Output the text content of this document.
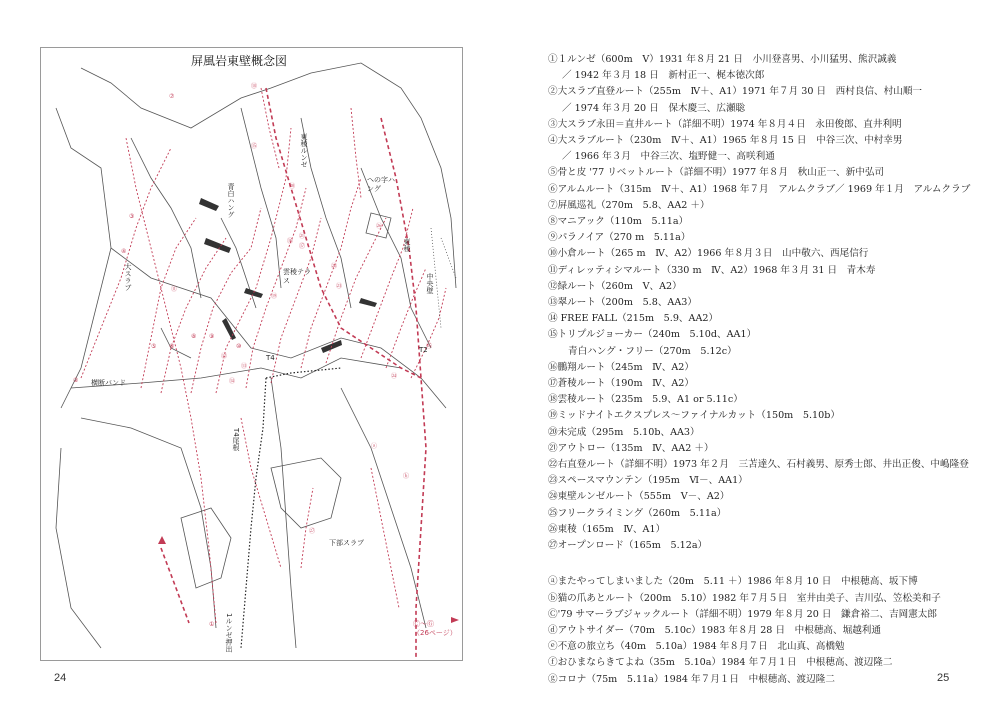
屏風岩東壁概念図
①
②
③
④
⑤ ⑥
⑦
⑧ ⑨
⑩
⑪
⑫
⑬
⑭
⑮
⑯
⑰
⑱
⑲
⑳
㉑
㉒
㉓
㉔
㉕
㉖
㉗
ⓐ
ⓑ
大スラブ
青白ハング
雲稜テラス
への字ハング
東稜
中央壁
横断バンド
T4
T2
T4尾根
下部スラブ
1ルンゼ押出
東稜ルンゼ
Ⓒ～Ⓖ
（26ページ）
24
①１ルンゼ（600m　Ⅴ）1931 年８月 21 日　小川登喜男、小川猛男、熊沢誠義
／ 1942 年３月 18 日　新村正一、梶本徳次郎
②大スラブ直登ルート（255m　Ⅳ＋、A1）1971 年７月 30 日　西村良信、村山順一
／ 1974 年３月 20 日　保木慶三、広瀬聡
③大スラブ永田＝直井ルート（詳細不明）1974 年８月４日　永田俊郎、直井利明
④大スラブルート（230m　Ⅳ＋、A1）1965 年８月 15 日　中谷三次、中村幸男
／ 1966 年３月　中谷三次、塩野健一、高咲利通
⑤骨と皮 '77 リベットルート（詳細不明）1977 年８月　秋山正一、新中弘司
⑥アルムルート（315m　Ⅳ＋、A1）1968 年７月　アルムクラブ／ 1969 年１月　アルムクラブ
⑦屏風巡礼（270m　5.8、AA2 ＋）
⑧マニアック（110m　5.11a）
⑨パラノイア（270 m　5.11a）
⑩小倉ルート（265 m　Ⅳ、A2）1966 年８月３日　山中敬六、西尾信行
⑪ディレッティシマルート（330 m　Ⅳ、A2）1968 年３月 31 日　青木寿
⑫緑ルート（260m　Ⅴ、A2）
⑬翠ルート（200m　5.8、AA3）
⑭ FREE FALL（215m　5.9、AA2）
⑮トリプルジョーカー（240m　5.10d、AA1）
青白ハング・フリー（270m　5.12c）
⑯鵬翔ルート（245m　Ⅳ、A2）
⑰蒼稜ルート（190m　Ⅳ、A2）
⑱雲稜ルート（235m　5.9、A1 or 5.11c）
⑲ミッドナイトエクスプレス～ファイナルカット（150m　5.10b）
⑳未完成（295m　5.10b、AA3）
㉑アウトロー（135m　Ⅳ、AA2 ＋）
㉒右直登ルート（詳細不明）1973 年２月　三苫達久、石村義男、原秀士郎、井出正俊、中嶋隆登
㉓スペースマウンテン（195m　Ⅵ－、AA1）
㉔東壁ルンゼルート（555m　Ⅴ－、A2）
㉕フリークライミング（260m　5.11a）
㉖東稜（165m　Ⅳ、A1）
㉗オープンロード（165m　5.12a）
ⓐまたやってしまいました（20m　5.11 ＋）1986 年８月 10 日　中根穂高、坂下博
ⓑ猫の爪あとルート（200m　5.10）1982 年７月５日　室井由美子、吉川弘、笠松美和子
Ⓒ'79 サマーラブジャックルート（詳細不明）1979 年８月 20 日　鎌倉裕二、吉岡憲太郎
ⓓアウトサイダー（70m　5.10c）1983 年８月 28 日　中根穂高、堀越利通
ⓔ不意の旅立ち（40m　5.10a）1984 年８月７日　北山真、高橋勉
ⓕおひまならきてよね（35m　5.10a）1984 年７月１日　中根穂高、渡辺隆二
ⓖコロナ（75m　5.11a）1984 年７月１日　中根穂高、渡辺隆二	25
